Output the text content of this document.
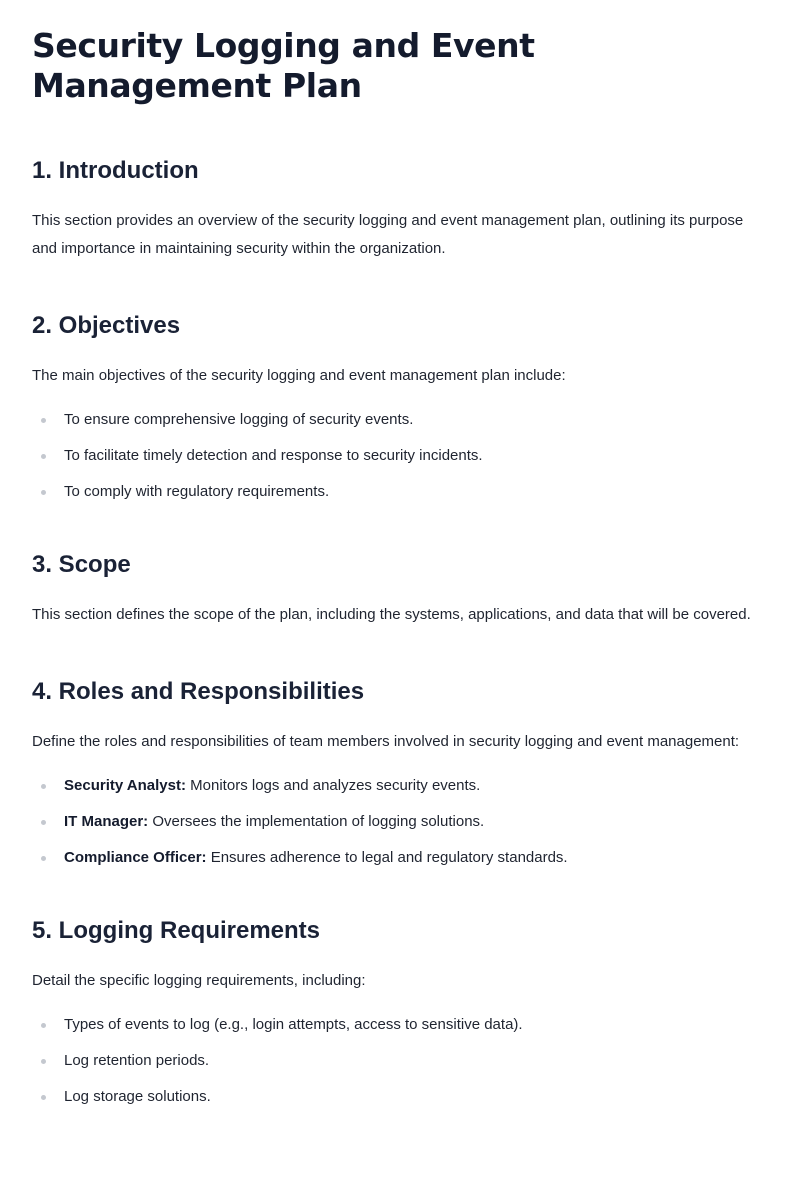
Security Logging and Event Management Plan
1. Introduction

This section provides an overview of the security logging and event management plan, outlining its purpose and importance in maintaining security within the organization.

2. Objectives

The main objectives of the security logging and event management plan include:

To ensure comprehensive logging of security events.
To facilitate timely detection and response to security incidents.
To comply with regulatory requirements.
3. Scope

This section defines the scope of the plan, including the systems, applications, and data that will be covered.

4. Roles and Responsibilities

Define the roles and responsibilities of team members involved in security logging and event management:

Security Analyst: Monitors logs and analyzes security events.
IT Manager: Oversees the implementation of logging solutions.
Compliance Officer: Ensures adherence to legal and regulatory standards.
5. Logging Requirements

Detail the specific logging requirements, including:

Types of events to log (e.g., login attempts, access to sensitive data).
Log retention periods.
Log storage solutions.
